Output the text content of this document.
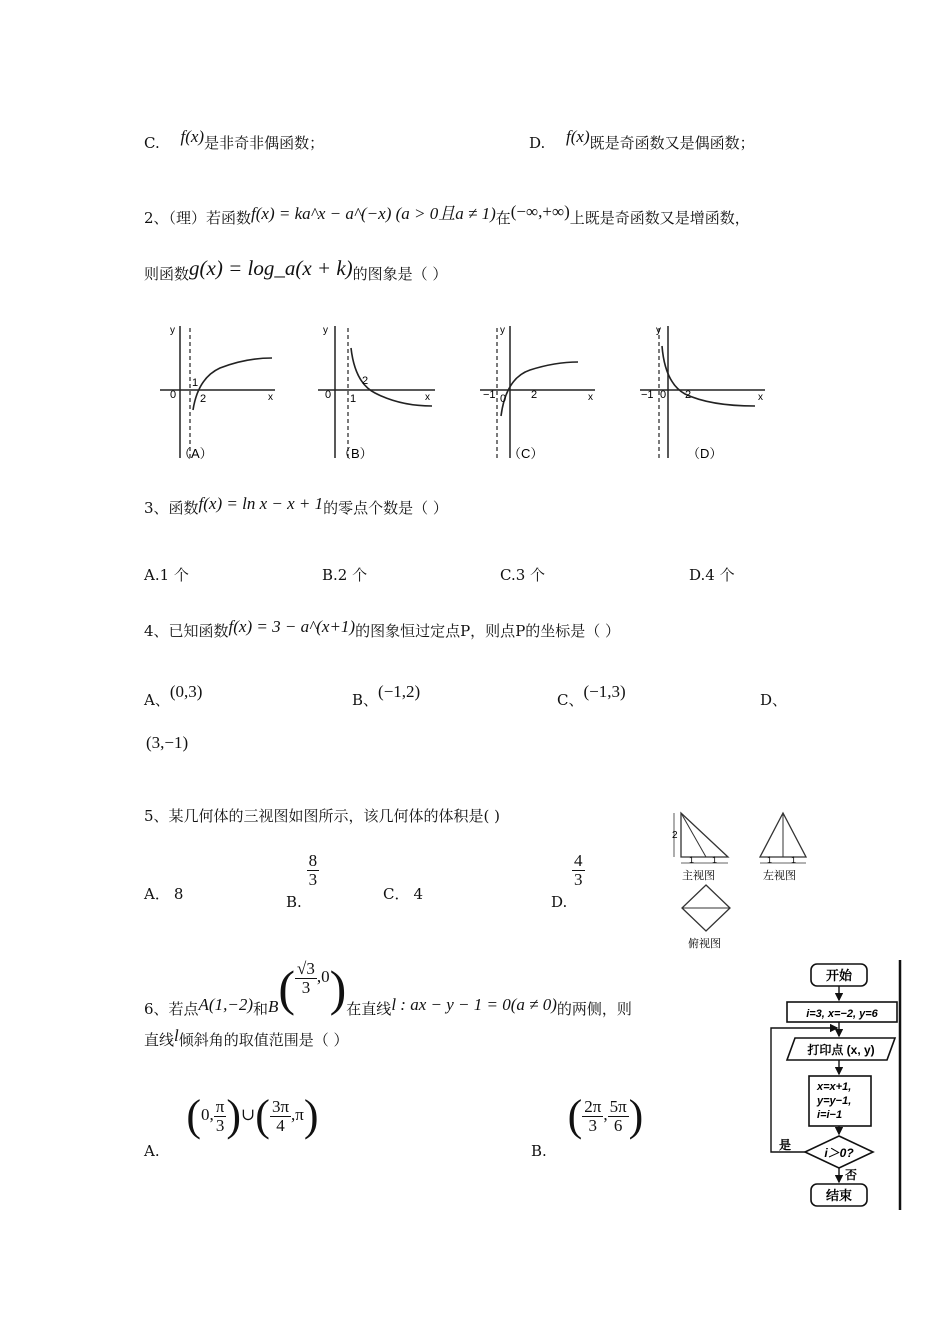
C. f(x)是非奇非偶函数；	D. f(x)既是奇函数又是偶函数；
2、（理）若函数f(x) = ka^x − a^(−x) (a > 0且a ≠ 1)在(−∞,+∞)上既是奇函数又是增函数，
则函数g(x) = log_a(x + k)的图象是（ ）
y
x
0
1
2
（A）
y
x
0 1
2
（B）
y
x
−1 0 2
（C）
y
x
−1 0 2
（D）
3、函数f(x) = ln x − x + 1的零点个数是（ ）
A.1 个	B.2 个	C.3 个	D.4 个
4、已知函数f(x) = 3 − a^(x+1)的图象恒过定点P，则点P的坐标是（ ）
A、(0,3)	B、(−1,2)	C、(−1,3)	D、
(3,−1)
5、某几何体的三视图如图所示，该几何体的体积是( )
A． 8	B.
$\frac{8}{3}$
C． 4	D.
$\frac{4}{3}$
2
1 1
主视图
1 1
左视图
俯视图
6、若点A(1,−2)和$B( \frac{√3}{3} ,0)$在直线l : ax − y − 1 = 0(a ≠ 0)的两侧，则
直线l倾斜角的取值范围是（ ）
A. (0, $\frac{\pi}{3}$ )∪( $\frac{3\pi}{4} ,\pi$)
B. ( $\frac{2\pi}{3}$ , $\frac{5\pi}{6}$ )
开始
i=3, x=−2, y=6
打印点 (x, y)
x=x+1,
y=y−1,
i=i−1
i＞0?
是
否
结束
